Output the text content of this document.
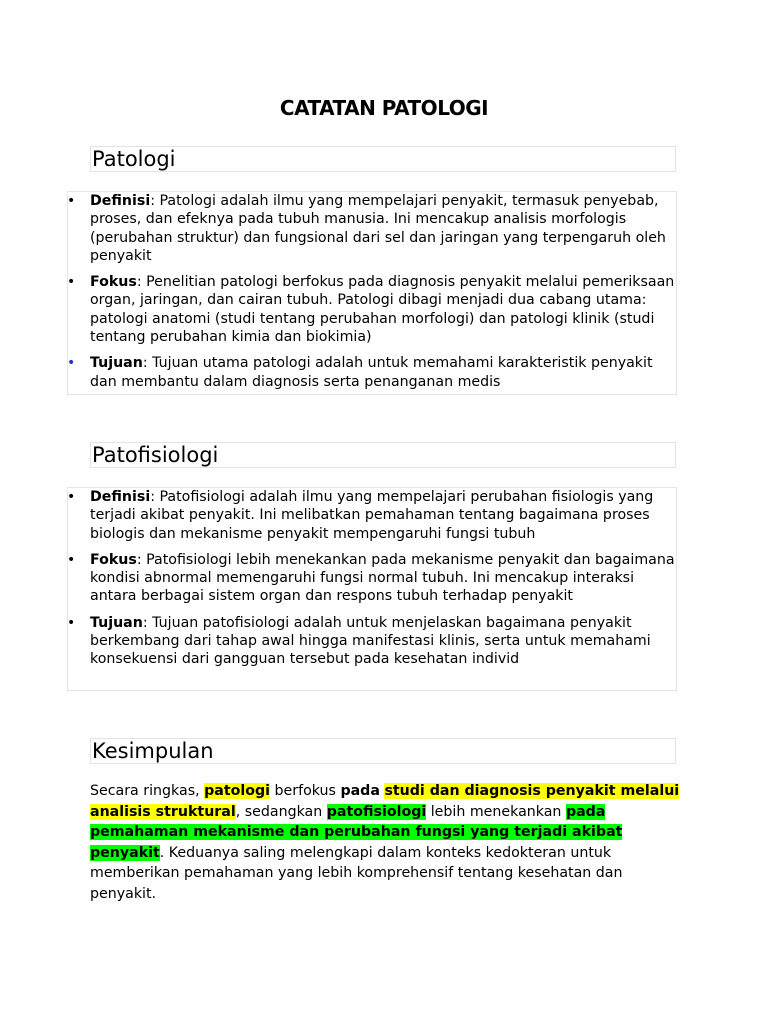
CATATAN PATOLOGI
Patologi
• Definisi: Patologi adalah ilmu yang mempelajari penyakit, termasuk penyebab, proses, dan efeknya pada tubuh manusia. Ini mencakup analisis morfologis (perubahan struktur) dan fungsional dari sel dan jaringan yang terpengaruh oleh penyakit
• Fokus: Penelitian patologi berfokus pada diagnosis penyakit melalui pemeriksaan organ, jaringan, dan cairan tubuh. Patologi dibagi menjadi dua cabang utama: patologi anatomi (studi tentang perubahan morfologi) dan patologi klinik (studi tentang perubahan kimia dan biokimia)
• Tujuan: Tujuan utama patologi adalah untuk memahami karakteristik penyakit dan membantu dalam diagnosis serta penanganan medis
Patofisiologi
• Definisi: Patofisiologi adalah ilmu yang mempelajari perubahan fisiologis yang terjadi akibat penyakit. Ini melibatkan pemahaman tentang bagaimana proses biologis dan mekanisme penyakit mempengaruhi fungsi tubuh
• Fokus: Patofisiologi lebih menekankan pada mekanisme penyakit dan bagaimana kondisi abnormal memengaruhi fungsi normal tubuh. Ini mencakup interaksi antara berbagai sistem organ dan respons tubuh terhadap penyakit
• Tujuan: Tujuan patofisiologi adalah untuk menjelaskan bagaimana penyakit berkembang dari tahap awal hingga manifestasi klinis, serta untuk memahami konsekuensi dari gangguan tersebut pada kesehatan individ
Kesimpulan

Secara ringkas, patologi berfokus pada studi dan diagnosis penyakit melalui analisis struktural, sedangkan patofisiologi lebih menekankan pada pemahaman mekanisme dan perubahan fungsi yang terjadi akibat penyakit. Keduanya saling melengkapi dalam konteks kedokteran untuk memberikan pemahaman yang lebih komprehensif tentang kesehatan dan penyakit.
